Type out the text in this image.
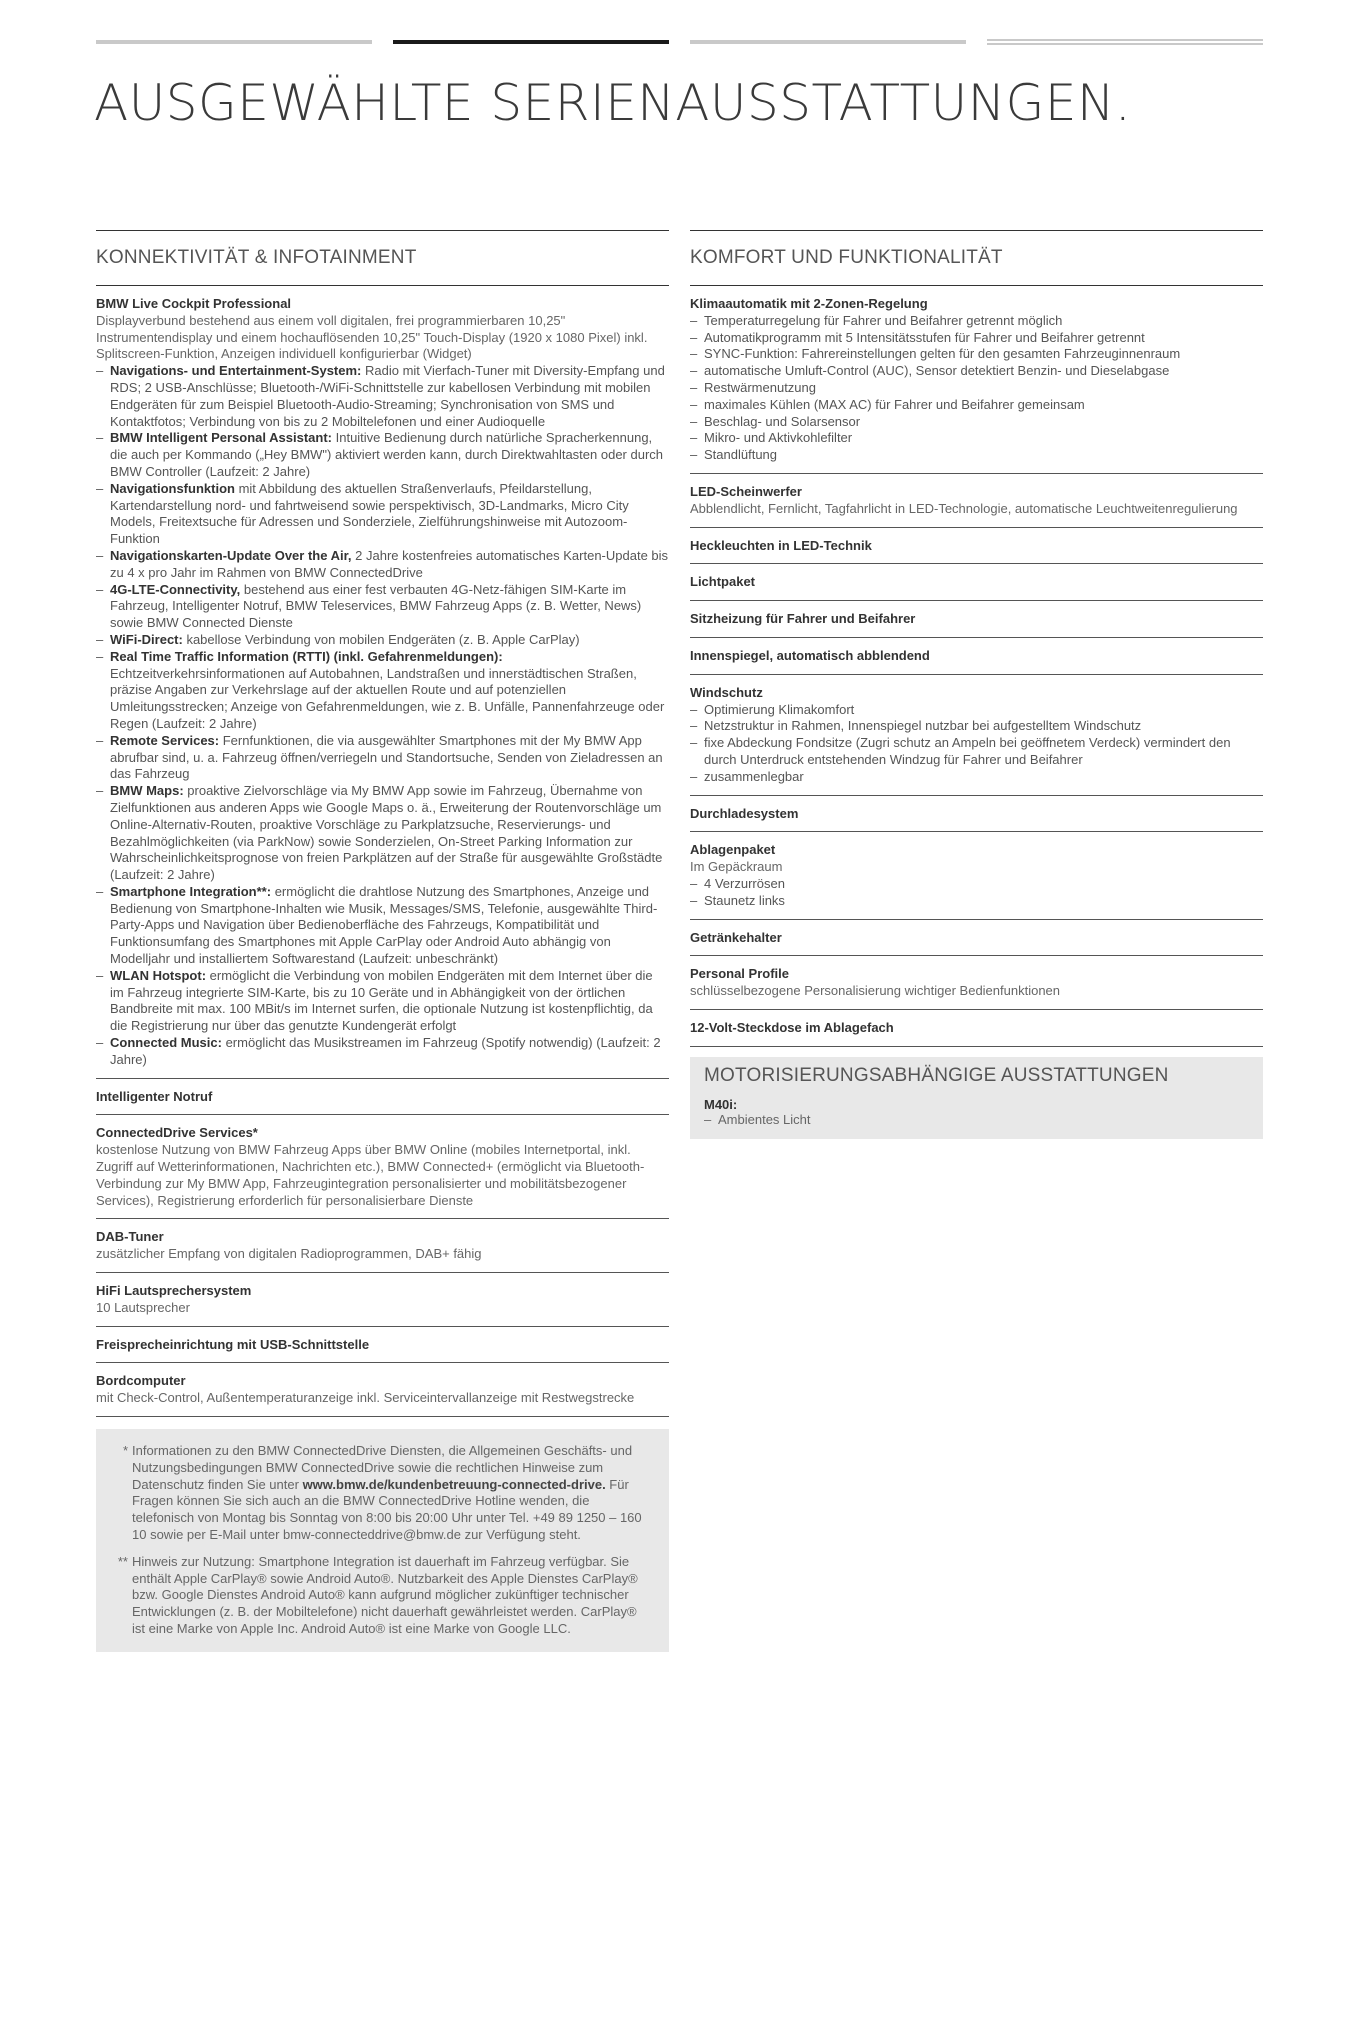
AUSGEWÄHLTE SERIENAUSSTATTUNGEN.
KONNEKTIVITÄT & INFOTAINMENT
BMW Live Cockpit Professional
Displayverbund bestehend aus einem voll digitalen, frei programmierbaren 10,25" Instrumentendisplay und einem hochauflösenden 10,25" Touch-Display (1920 x 1080 Pixel) inkl. Splitscreen-Funktion, Anzeigen individuell konfigurierbar (Widget)
– Navigations- und Entertainment-System: Radio mit Vierfach-Tuner mit Diversity-Empfang und RDS; 2 USB-Anschlüsse; Bluetooth-/WiFi-Schnittstelle zur kabellosen Verbindung mit mobilen Endgeräten für zum Beispiel Bluetooth-Audio-Streaming; Synchronisation von SMS und Kontaktfotos; Verbindung von bis zu 2 Mobiltelefonen und einer Audioquelle
– BMW Intelligent Personal Assistant: Intuitive Bedienung durch natürliche Spracherkennung, die auch per Kommando („Hey BMW") aktiviert werden kann, durch Direktwahltasten oder durch BMW Controller (Laufzeit: 2 Jahre)
– Navigationsfunktion mit Abbildung des aktuellen Straßenverlaufs, Pfeildarstellung, Kartendarstellung nord- und fahrtweisend sowie perspektivisch, 3D-Landmarks, Micro City Models, Freitextsuche für Adressen und Sonderziele, Zielführungshinweise mit Autozoom-Funktion
– Navigationskarten-Update Over the Air, 2 Jahre kostenfreies automatisches Karten-Update bis zu 4 x pro Jahr im Rahmen von BMW ConnectedDrive
– 4G-LTE-Connectivity, bestehend aus einer fest verbauten 4G-Netz-fähigen SIM-Karte im Fahrzeug, Intelligenter Notruf, BMW Teleservices, BMW Fahrzeug Apps (z. B. Wetter, News) sowie BMW Connected Dienste
– WiFi-Direct: kabellose Verbindung von mobilen Endgeräten (z. B. Apple CarPlay)
– Real Time Traffic Information (RTTI) (inkl. Gefahrenmeldungen): Echtzeitverkehrsinformationen auf Autobahnen, Landstraßen und innerstädtischen Straßen, präzise Angaben zur Verkehrslage auf der aktuellen Route und auf potenziellen Umleitungsstrecken; Anzeige von Gefahrenmeldungen, wie z. B. Unfälle, Pannenfahrzeuge oder Regen (Laufzeit: 2 Jahre)
– Remote Services: Fernfunktionen, die via ausgewählter Smartphones mit der My BMW App abrufbar sind, u. a. Fahrzeug öffnen/verriegeln und Standortsuche, Senden von Zieladressen an das Fahrzeug
– BMW Maps: proaktive Zielvorschläge via My BMW App sowie im Fahrzeug, Übernahme von Zielfunktionen aus anderen Apps wie Google Maps o. ä., Erweiterung der Routenvorschläge um Online-Alternativ-Routen, proaktive Vorschläge zu Parkplatzsuche, Reservierungs- und Bezahlmöglichkeiten (via ParkNow) sowie Sonderzielen, On-Street Parking Information zur Wahrscheinlichkeitsprognose von freien Parkplätzen auf der Straße für ausgewählte Großstädte (Laufzeit: 2 Jahre)
– Smartphone Integration**: ermöglicht die drahtlose Nutzung des Smartphones, Anzeige und Bedienung von Smartphone-Inhalten wie Musik, Messages/SMS, Telefonie, ausgewählte Third-Party-Apps und Navigation über Bedienoberfläche des Fahrzeugs, Kompatibilität und Funktionsumfang des Smartphones mit Apple CarPlay oder Android Auto abhängig von Modelljahr und installiertem Softwarestand (Laufzeit: unbeschränkt)
– WLAN Hotspot: ermöglicht die Verbindung von mobilen Endgeräten mit dem Internet über die im Fahrzeug integrierte SIM-Karte, bis zu 10 Geräte und in Abhängigkeit von der örtlichen Bandbreite mit max. 100 MBit/s im Internet surfen, die optionale Nutzung ist kostenpflichtig, da die Registrierung nur über das genutzte Kundengerät erfolgt
– Connected Music: ermöglicht das Musikstreamen im Fahrzeug (Spotify notwendig) (Laufzeit: 2 Jahre)
Intelligenter Notruf
ConnectedDrive Services*
kostenlose Nutzung von BMW Fahrzeug Apps über BMW Online (mobiles Internetportal, inkl. Zugriff auf Wetterinformationen, Nachrichten etc.), BMW Connected+ (ermöglicht via Bluetooth-Verbindung zur My BMW App, Fahrzeugintegration personalisierter und mobilitätsbezogener Services), Registrierung erforderlich für personalisierbare Dienste
DAB-Tuner
zusätzlicher Empfang von digitalen Radioprogrammen, DAB+ fähig
HiFi Lautsprechersystem
10 Lautsprecher
Freisprecheinrichtung mit USB-Schnittstelle
Bordcomputer
mit Check-Control, Außentemperaturanzeige inkl. Serviceintervallanzeige mit Restwegstrecke
* Informationen zu den BMW ConnectedDrive Diensten, die Allgemeinen Geschäfts- und Nutzungsbedingungen BMW ConnectedDrive sowie die rechtlichen Hinweise zum Datenschutz finden Sie unter www.bmw.de/kundenbetreuung-connected-drive. Für Fragen können Sie sich auch an die BMW ConnectedDrive Hotline wenden, die telefonisch von Montag bis Sonntag von 8:00 bis 20:00 Uhr unter Tel. +49 89 1250 – 160 10 sowie per E-Mail unter bmw-connecteddrive@bmw.de zur Verfügung steht.
** Hinweis zur Nutzung: Smartphone Integration ist dauerhaft im Fahrzeug verfügbar. Sie enthält Apple CarPlay® sowie Android Auto®. Nutzbarkeit des Apple Dienstes CarPlay® bzw. Google Dienstes Android Auto® kann aufgrund möglicher zukünftiger technischer Entwicklungen (z. B. der Mobiltelefone) nicht dauerhaft gewährleistet werden. CarPlay® ist eine Marke von Apple Inc. Android Auto® ist eine Marke von Google LLC.
KOMFORT UND FUNKTIONALITÄT
Klimaautomatik mit 2-Zonen-Regelung
– Temperaturregelung für Fahrer und Beifahrer getrennt möglich
– Automatikprogramm mit 5 Intensitätsstufen für Fahrer und Beifahrer getrennt
– SYNC-Funktion: Fahrereinstellungen gelten für den gesamten Fahrzeuginnenraum
– automatische Umluft-Control (AUC), Sensor detektiert Benzin- und Dieselabgase
– Restwärmenutzung
– maximales Kühlen (MAX AC) für Fahrer und Beifahrer gemeinsam
– Beschlag- und Solarsensor
– Mikro- und Aktivkohlefilter
– Standlüftung
LED-Scheinwerfer
Abblendlicht, Fernlicht, Tagfahrlicht in LED-Technologie, automatische Leuchtweitenregulierung
Heckleuchten in LED-Technik
Lichtpaket
Sitzheizung für Fahrer und Beifahrer
Innenspiegel, automatisch abblendend
Windschutz
– Optimierung Klimakomfort
– Netzstruktur in Rahmen, Innenspiegel nutzbar bei aufgestelltem Windschutz
– fixe Abdeckung Fondsitze (Zugri schutz an Ampeln bei geöffnetem Verdeck) vermindert den durch Unterdruck entstehenden Windzug für Fahrer und Beifahrer
– zusammenlegbar
Durchladesystem
Ablagenpaket
Im Gepäckraum
– 4 Verzurrösen
– Staunetz links
Getränkehalter
Personal Profile
schlüsselbezogene Personalisierung wichtiger Bedienfunktionen
12-Volt-Steckdose im Ablagefach
MOTORISIERUNGSABHÄNGIGE AUSSTATTUNGEN
M40i:
– Ambientes Licht
